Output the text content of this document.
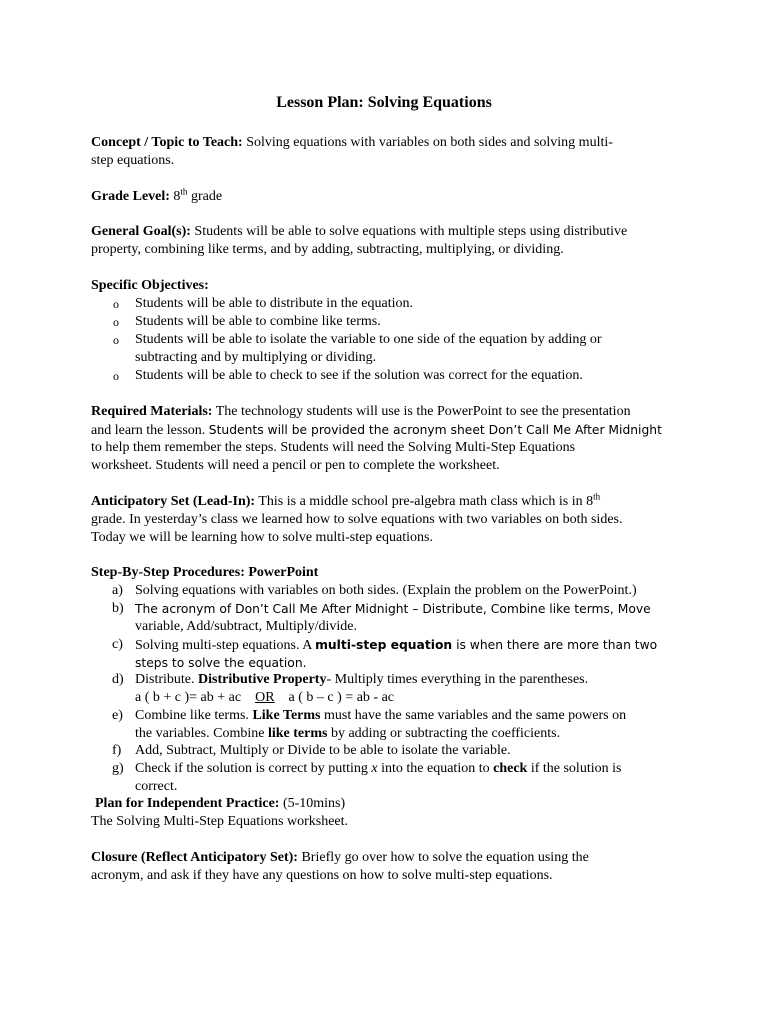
Lesson Plan: Solving Equations
Concept / Topic to Teach: Solving equations with variables on both sides and solving multi-
step equations.
Grade Level: 8th grade
General Goal(s): Students will be able to solve equations with multiple steps using distributive
property, combining like terms, and by adding, subtracting, multiplying, or dividing.
Specific Objectives:
o Students will be able to distribute in the equation.
o Students will be able to combine like terms.
o Students will be able to isolate the variable to one side of the equation by adding or
subtracting and by multiplying or dividing.
o Students will be able to check to see if the solution was correct for the equation.
Required Materials: The technology students will use is the PowerPoint to see the presentation
and learn the lesson. Students will be provided the acronym sheet Don’t Call Me After Midnight
to help them remember the steps. Students will need the Solving Multi-Step Equations
worksheet. Students will need a pencil or pen to complete the worksheet.
Anticipatory Set (Lead-In): This is a middle school pre-algebra math class which is in 8th
grade. In yesterday’s class we learned how to solve equations with two variables on both sides.
Today we will be learning how to solve multi-step equations.
Step-By-Step Procedures: PowerPoint
a) Solving equations with variables on both sides. (Explain the problem on the PowerPoint.)
b) The acronym of Don’t Call Me After Midnight – Distribute, Combine like terms, Move
variable, Add/subtract, Multiply/divide.
c) Solving multi-step equations. A multi-step equation is when there are more than two
steps to solve the equation.
d) Distribute. Distributive Property- Multiply times everything in the parentheses.
a ( b + c )= ab + ac OR a ( b – c ) = ab - ac
e) Combine like terms. Like Terms must have the same variables and the same powers on
the variables. Combine like terms by adding or subtracting the coefficients.
f) Add, Subtract, Multiply or Divide to be able to isolate the variable.
g) Check if the solution is correct by putting x into the equation to check if the solution is
correct.
Plan for Independent Practice: (5-10mins)
The Solving Multi-Step Equations worksheet.
Closure (Reflect Anticipatory Set): Briefly go over how to solve the equation using the
acronym, and ask if they have any questions on how to solve multi-step equations.
